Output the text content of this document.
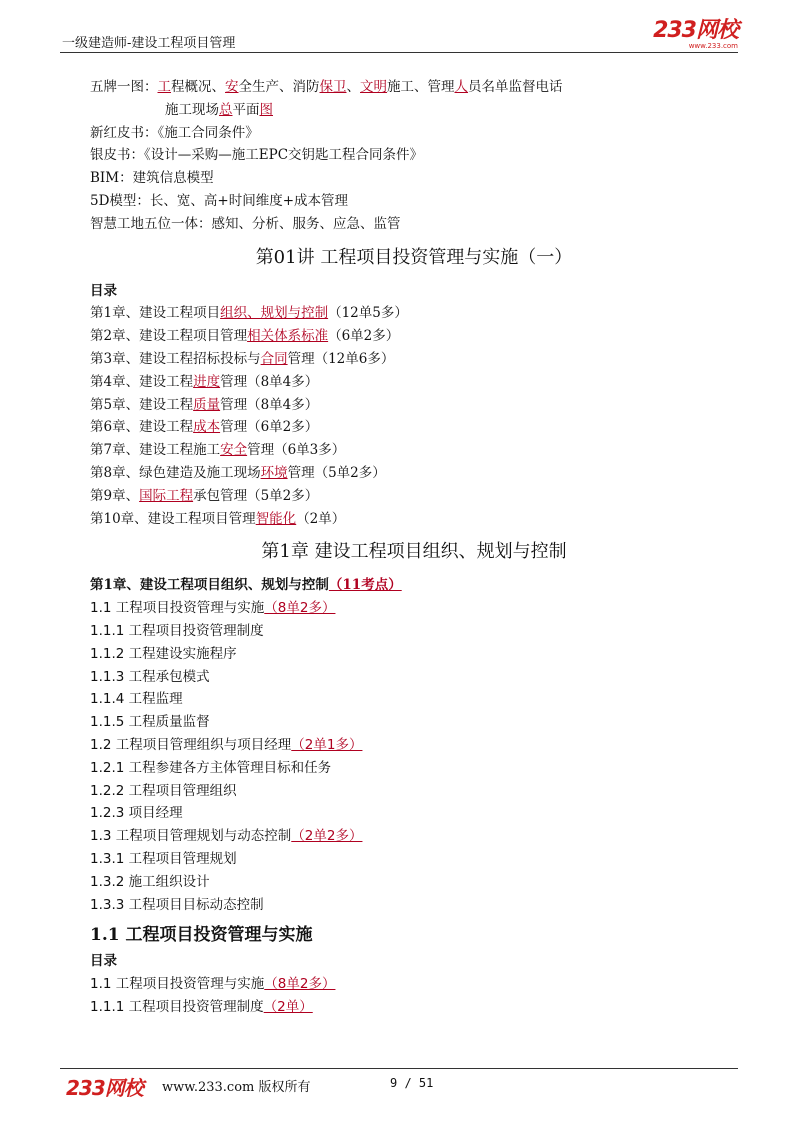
一级建造师-建设工程项目管理
233网校
www.233.com
五牌一图：工程概况、安全生产、消防保卫、文明施工、管理人员名单监督电话
施工现场总平面图
新红皮书：《施工合同条件》
银皮书：《设计—采购—施工EPC交钥匙工程合同条件》
BIM：建筑信息模型
5D模型：长、宽、高+时间维度+成本管理
智慧工地五位一体：感知、分析、服务、应急、监管
第01讲 工程项目投资管理与实施（一）
目录
第1章、建设工程项目组织、规划与控制（12单5多）
第2章、建设工程项目管理相关体系标准（6单2多）
第3章、建设工程招标投标与合同管理（12单6多）
第4章、建设工程进度管理（8单4多）
第5章、建设工程质量管理（8单4多）
第6章、建设工程成本管理（6单2多）
第7章、建设工程施工安全管理（6单3多）
第8章、绿色建造及施工现场环境管理（5单2多）
第9章、国际工程承包管理（5单2多）
第10章、建设工程项目管理智能化（2单）
第1章 建设工程项目组织、规划与控制
第1章、建设工程项目组织、规划与控制（11考点）
1.1 工程项目投资管理与实施（8单2多）
1.1.1 工程项目投资管理制度
1.1.2 工程建设实施程序
1.1.3 工程承包模式
1.1.4 工程监理
1.1.5 工程质量监督
1.2 工程项目管理组织与项目经理（2单1多）
1.2.1 工程参建各方主体管理目标和任务
1.2.2 工程项目管理组织
1.2.3 项目经理
1.3 工程项目管理规划与动态控制（2单2多）
1.3.1 工程项目管理规划
1.3.2 施工组织设计
1.3.3 工程项目目标动态控制
1.1 工程项目投资管理与实施
目录
1.1 工程项目投资管理与实施（8单2多）
1.1.1 工程项目投资管理制度（2单）
233网校 www.233.com 版权所有	9 / 51
